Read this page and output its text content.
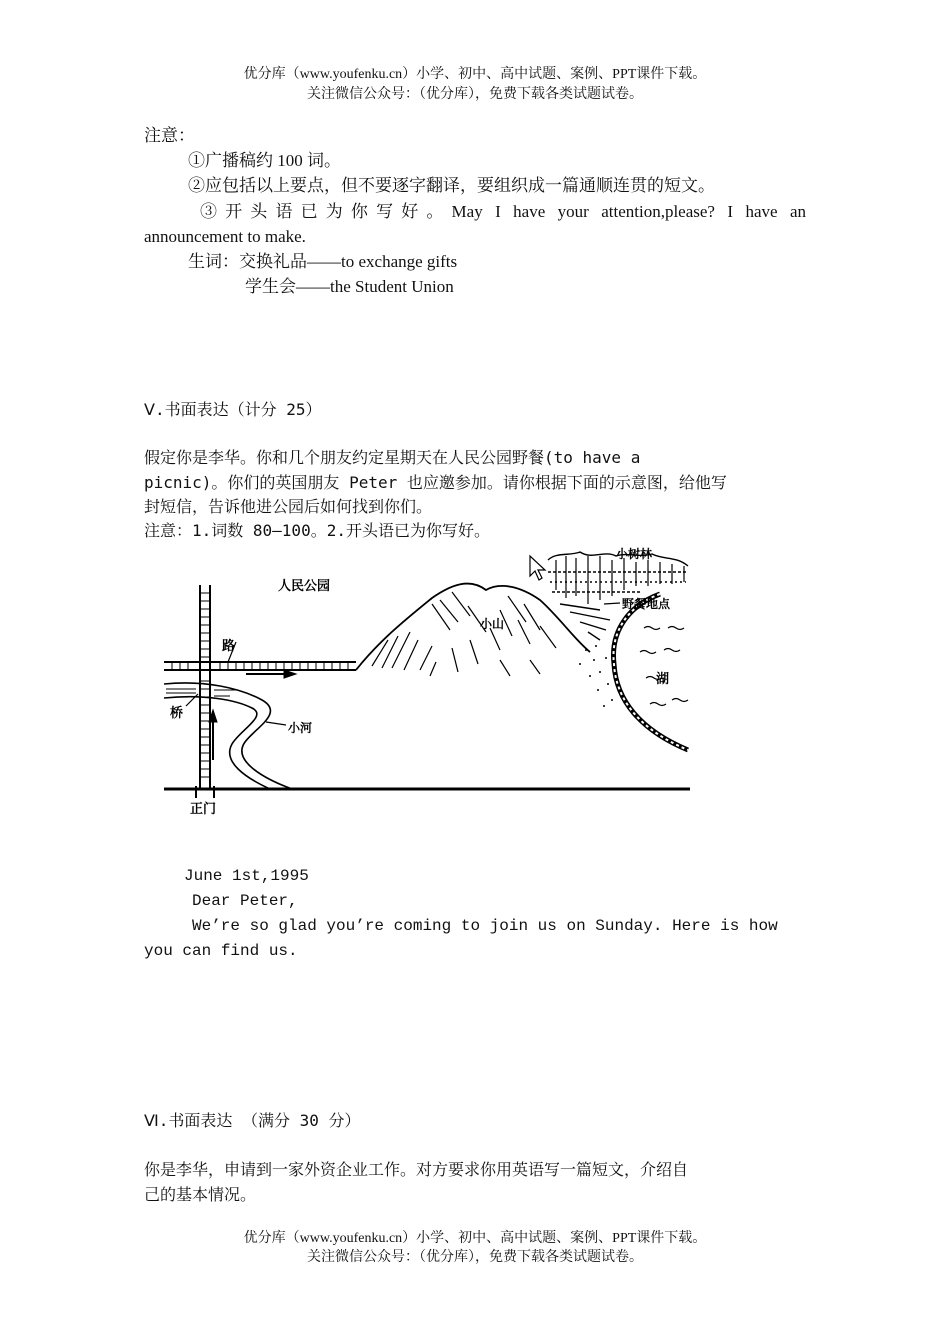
优分库（www.youfenku.cn）小学、初中、高中试题、案例、PPT课件下载。
关注微信公众号：（优分库），免费下载各类试题试卷。
注意：
①广播稿约 100 词。
②应包括以上要点，但不要逐字翻译，要组织成一篇通顺连贯的短文。
③开头语已为你写好。May I have your attention,please? I have an
announcement to make.
生词：交换礼品——to exchange gifts
学生会——the Student Union
Ⅴ.书面表达（计分 25）
假定你是李华。你和几个朋友约定星期天在人民公园野餐(to have a
picnic)。你们的英国朋友 Peter 也应邀参加。请你根据下面的示意图，给他写
封短信，告诉他进公园后如何找到你们。
注意：1.词数 80—100。2.开头语已为你写好。
人民公园
小树林
野餐地点
小山
路
桥
小河
湖
正门
June 1st,1995
Dear Peter,
We’re so glad you’re coming to join us on Sunday. Here is how
you can find us.
Ⅵ.书面表达 （满分 30 分）
你是李华，申请到一家外资企业工作。对方要求你用英语写一篇短文，介绍自
己的基本情况。
优分库（www.youfenku.cn）小学、初中、高中试题、案例、PPT课件下载。
关注微信公众号：（优分库），免费下载各类试题试卷。
